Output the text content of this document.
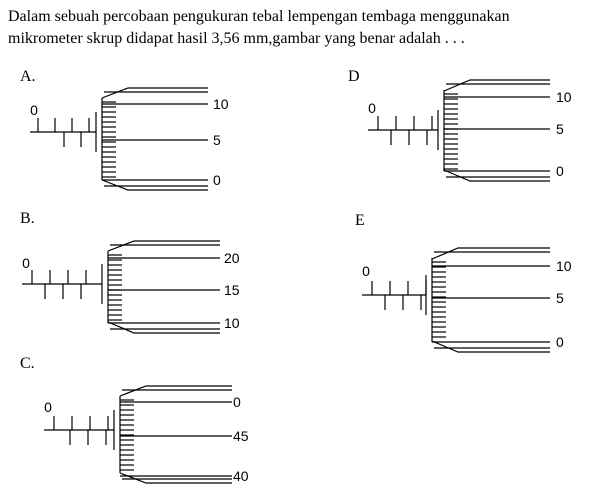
Dalam sebuah percobaan pengukuran tebal lempengan tembaga menggunakan
mikrometer skrup didapat hasil 3,56 mm,gambar yang benar adalah . . .

A.
B.
C.
D
E
0	10
5
0
0	20
15
10
0	0
45
40
0
10
5
0
0	10
5
0
